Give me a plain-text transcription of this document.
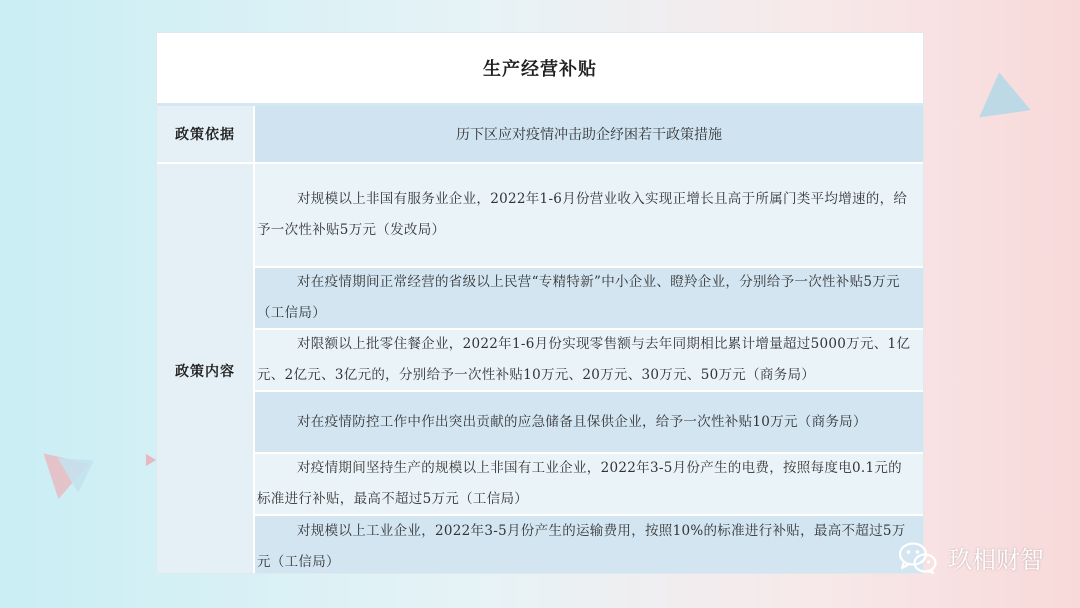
生产经营补贴
政策依据	历下区应对疫情冲击助企纾困若干政策措施
政策内容
对规模以上非国有服务业企业，2022年1-6月份营业收入实现正增长且高于所属门类平均增速的，给予一次性补贴5万元（发改局）
对在疫情期间正常经营的省级以上民营“专精特新”中小企业、瞪羚企业，分别给予一次性补贴5万元（工信局）
对限额以上批零住餐企业，2022年1-6月份实现零售额与去年同期相比累计增量超过5000万元、1亿元、2亿元、3亿元的，分别给予一次性补贴10万元、20万元、30万元、50万元（商务局）
对在疫情防控工作中作出突出贡献的应急储备且保供企业，给予一次性补贴10万元（商务局）
对疫情期间坚持生产的规模以上非国有工业企业，2022年3-5月份产生的电费，按照每度电0.1元的标准进行补贴，最高不超过5万元（工信局）
对规模以上工业企业，2022年3-5月份产生的运输费用，按照10%的标准进行补贴，最高不超过5万元（工信局）	玖相财智
